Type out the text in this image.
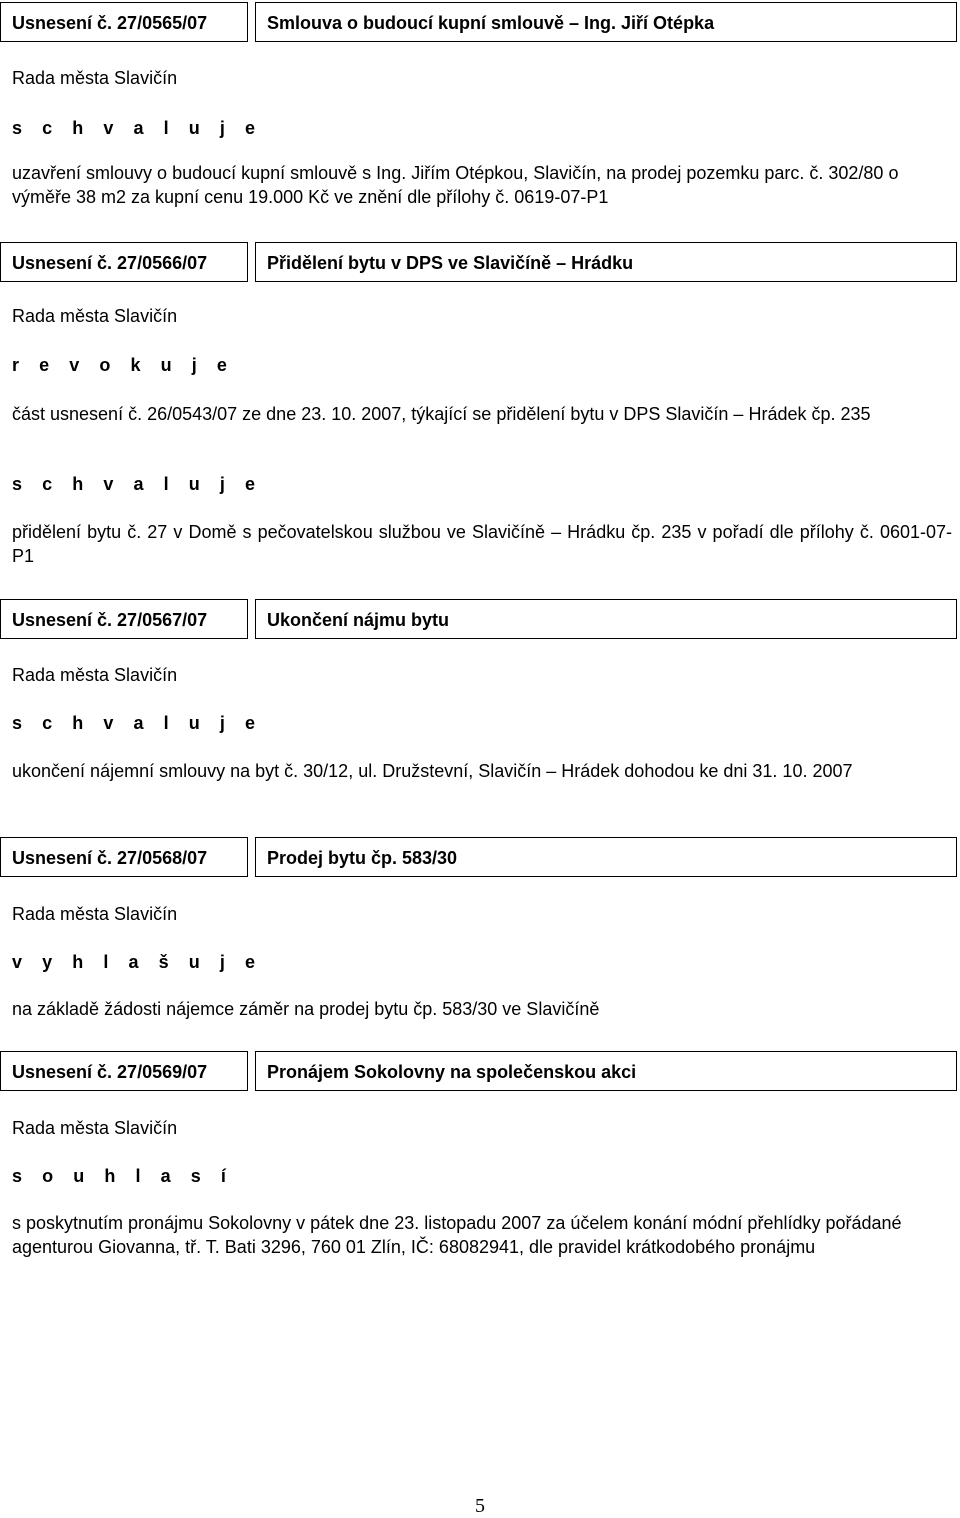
Usnesení č. 27/0565/07	Smlouva o budoucí kupní smlouvě – Ing. Jiří Otépka
Rada města Slavičín
s c h v a l u j e
uzavření smlouvy o budoucí kupní smlouvě s Ing. Jiřím Otépkou, Slavičín, na prodej pozemku parc. č. 302/80 o výměře 38 m2 za kupní cenu 19.000 Kč ve znění dle přílohy č. 0619-07-P1
Usnesení č. 27/0566/07	Přidělení bytu v DPS ve Slavičíně – Hrádku
Rada města Slavičín
r e v o k u j e
část usnesení č. 26/0543/07 ze dne 23. 10. 2007, týkající se přidělení bytu v DPS Slavičín – Hrádek čp. 235
s c h v a l u j e
přidělení bytu č. 27 v Domě s pečovatelskou službou ve Slavičíně – Hrádku čp. 235 v pořadí dle přílohy č. 0601-07-P1
Usnesení č. 27/0567/07	Ukončení nájmu bytu
Rada města Slavičín
s c h v a l u j e
ukončení nájemní smlouvy na byt č. 30/12, ul. Družstevní, Slavičín – Hrádek dohodou ke dni 31. 10. 2007
Usnesení č. 27/0568/07	Prodej bytu čp. 583/30
Rada města Slavičín
v y h l a š u j e
na základě žádosti nájemce záměr na prodej bytu čp. 583/30 ve Slavičíně
Usnesení č. 27/0569/07	Pronájem Sokolovny na společenskou akci
Rada města Slavičín
s o u h l a s í
s poskytnutím pronájmu Sokolovny v pátek dne 23. listopadu 2007 za účelem konání módní přehlídky pořádané agenturou Giovanna, tř. T. Bati 3296, 760 01 Zlín, IČ: 68082941, dle pravidel krátkodobého pronájmu
5
